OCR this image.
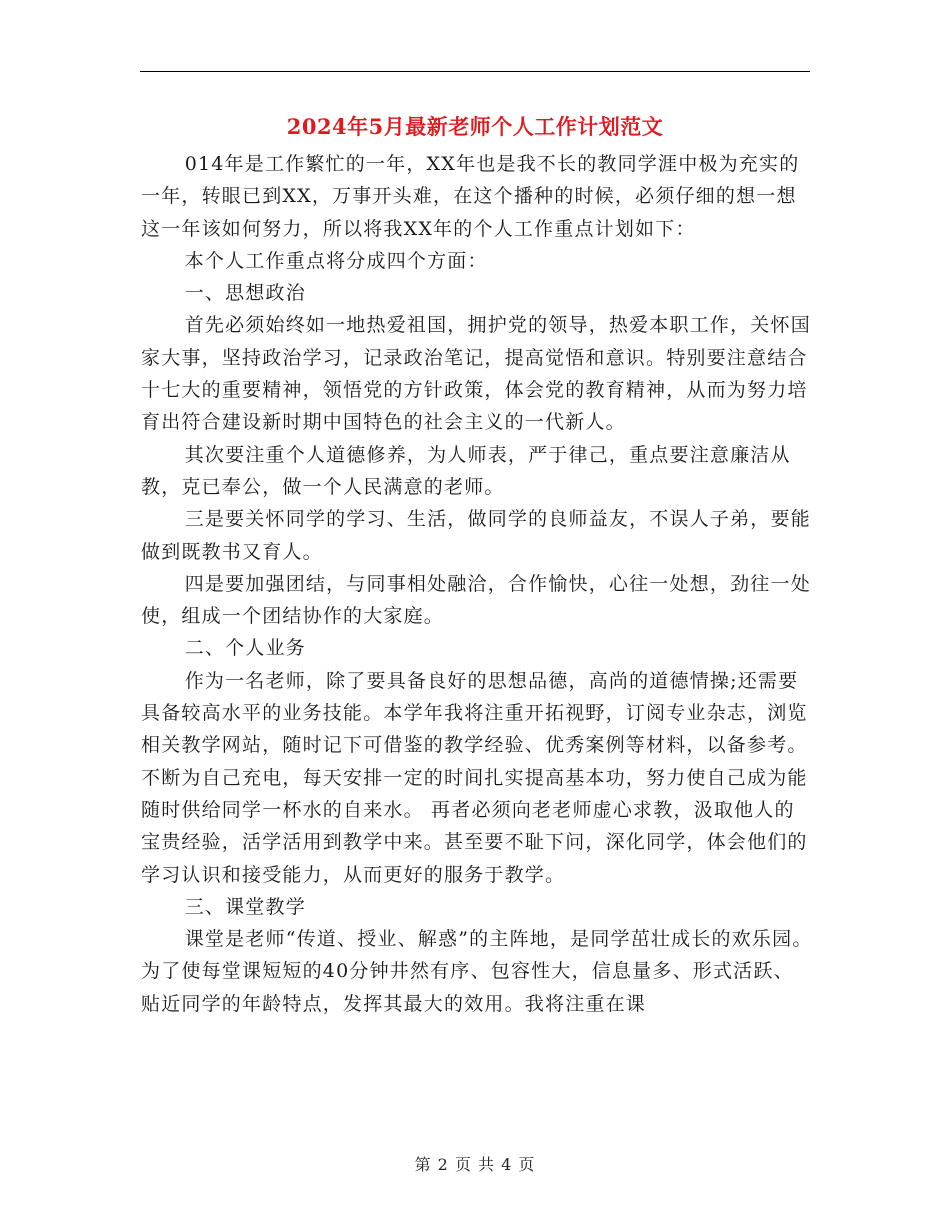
2024年5月最新老师个人工作计划范文

014年是工作繁忙的一年，XX年也是我不长的教同学涯中极为充实的一年，转眼已到XX，万事开头难，在这个播种的时候，必须仔细的想一想这一年该如何努力，所以将我XX年的个人工作重点计划如下：

本个人工作重点将分成四个方面：

一、思想政治

首先必须始终如一地热爱祖国，拥护党的领导，热爱本职工作，关怀国家大事，坚持政治学习，记录政治笔记，提高觉悟和意识。特别要注意结合十七大的重要精神，领悟党的方针政策，体会党的教育精神，从而为努力培育出符合建设新时期中国特色的社会主义的一代新人。

其次要注重个人道德修养，为人师表，严于律己，重点要注意廉洁从教，克已奉公，做一个人民满意的老师。

三是要关怀同学的学习、生活，做同学的良师益友，不误人子弟，要能做到既教书又育人。

四是要加强团结，与同事相处融洽，合作愉快，心往一处想，劲往一处使，组成一个团结协作的大家庭。

二、个人业务

作为一名老师，除了要具备良好的思想品德，高尚的道德情操;还需要具备较高水平的业务技能。本学年我将注重开拓视野，订阅专业杂志，浏览相关教学网站，随时记下可借鉴的教学经验、优秀案例等材料，以备参考。不断为自己充电，每天安排一定的时间扎实提高基本功，努力使自己成为能随时供给同学一杯水的自来水。 再者必须向老老师虚心求教，汲取他人的宝贵经验，活学活用到教学中来。甚至要不耻下问，深化同学，体会他们的学习认识和接受能力，从而更好的服务于教学。

三、课堂教学

课堂是老师“传道、授业、解惑”的主阵地，是同学茁壮成长的欢乐园。为了使每堂课短短的40分钟井然有序、包容性大，信息量多、形式活跃、贴近同学的年龄特点，发挥其最大的效用。我将注重在课

第 2 页 共 4 页
